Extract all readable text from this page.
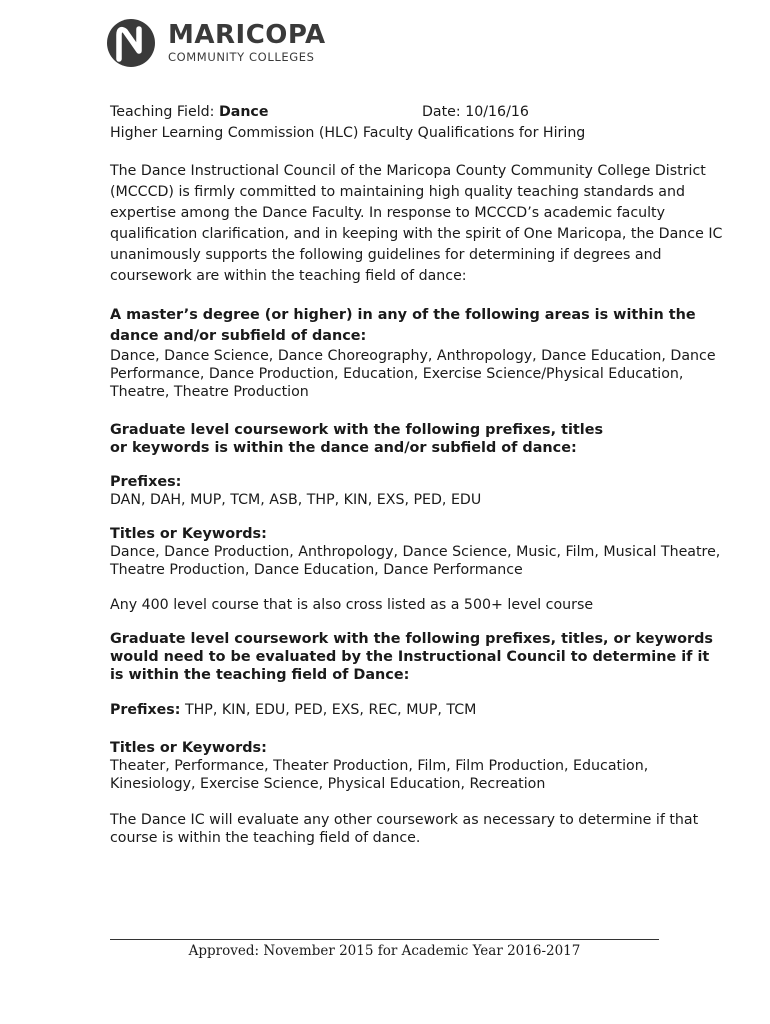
MARICOPA
COMMUNITY COLLEGES
Teaching Field: Dance	Date: 10/16/16

Higher Learning Commission (HLC) Faculty Qualifications for Hiring

The Dance Instructional Council of the Maricopa County Community College District (MCCCD) is firmly committed to maintaining high quality teaching standards and expertise among the Dance Faculty. In response to MCCCD’s academic faculty qualification clarification, and in keeping with the spirit of One Maricopa, the Dance IC unanimously supports the following guidelines for determining if degrees and coursework are within the teaching field of dance:

A master’s degree (or higher) in any of the following areas is within the dance and/or subfield of dance:

Dance, Dance Science, Dance Choreography, Anthropology, Dance Education, Dance Performance, Dance Production, Education, Exercise Science/Physical Education, Theatre, Theatre Production

Graduate level coursework with the following prefixes, titles or keywords is within the dance and/or subfield of dance:

Prefixes:

DAN, DAH, MUP, TCM, ASB, THP, KIN, EXS, PED, EDU

Titles or Keywords:

Dance, Dance Production, Anthropology, Dance Science, Music, Film, Musical Theatre, Theatre Production, Dance Education, Dance Performance

Any 400 level course that is also cross listed as a 500+ level course

Graduate level coursework with the following prefixes, titles, or keywords would need to be evaluated by the Instructional Council to determine if it is within the teaching field of Dance:

Prefixes: THP, KIN, EDU, PED, EXS, REC, MUP, TCM

Titles or Keywords:

Theater, Performance, Theater Production, Film, Film Production, Education, Kinesiology, Exercise Science, Physical Education, Recreation

The Dance IC will evaluate any other coursework as necessary to determine if that course is within the teaching field of dance.

Approved: November 2015 for Academic Year 2016-2017
